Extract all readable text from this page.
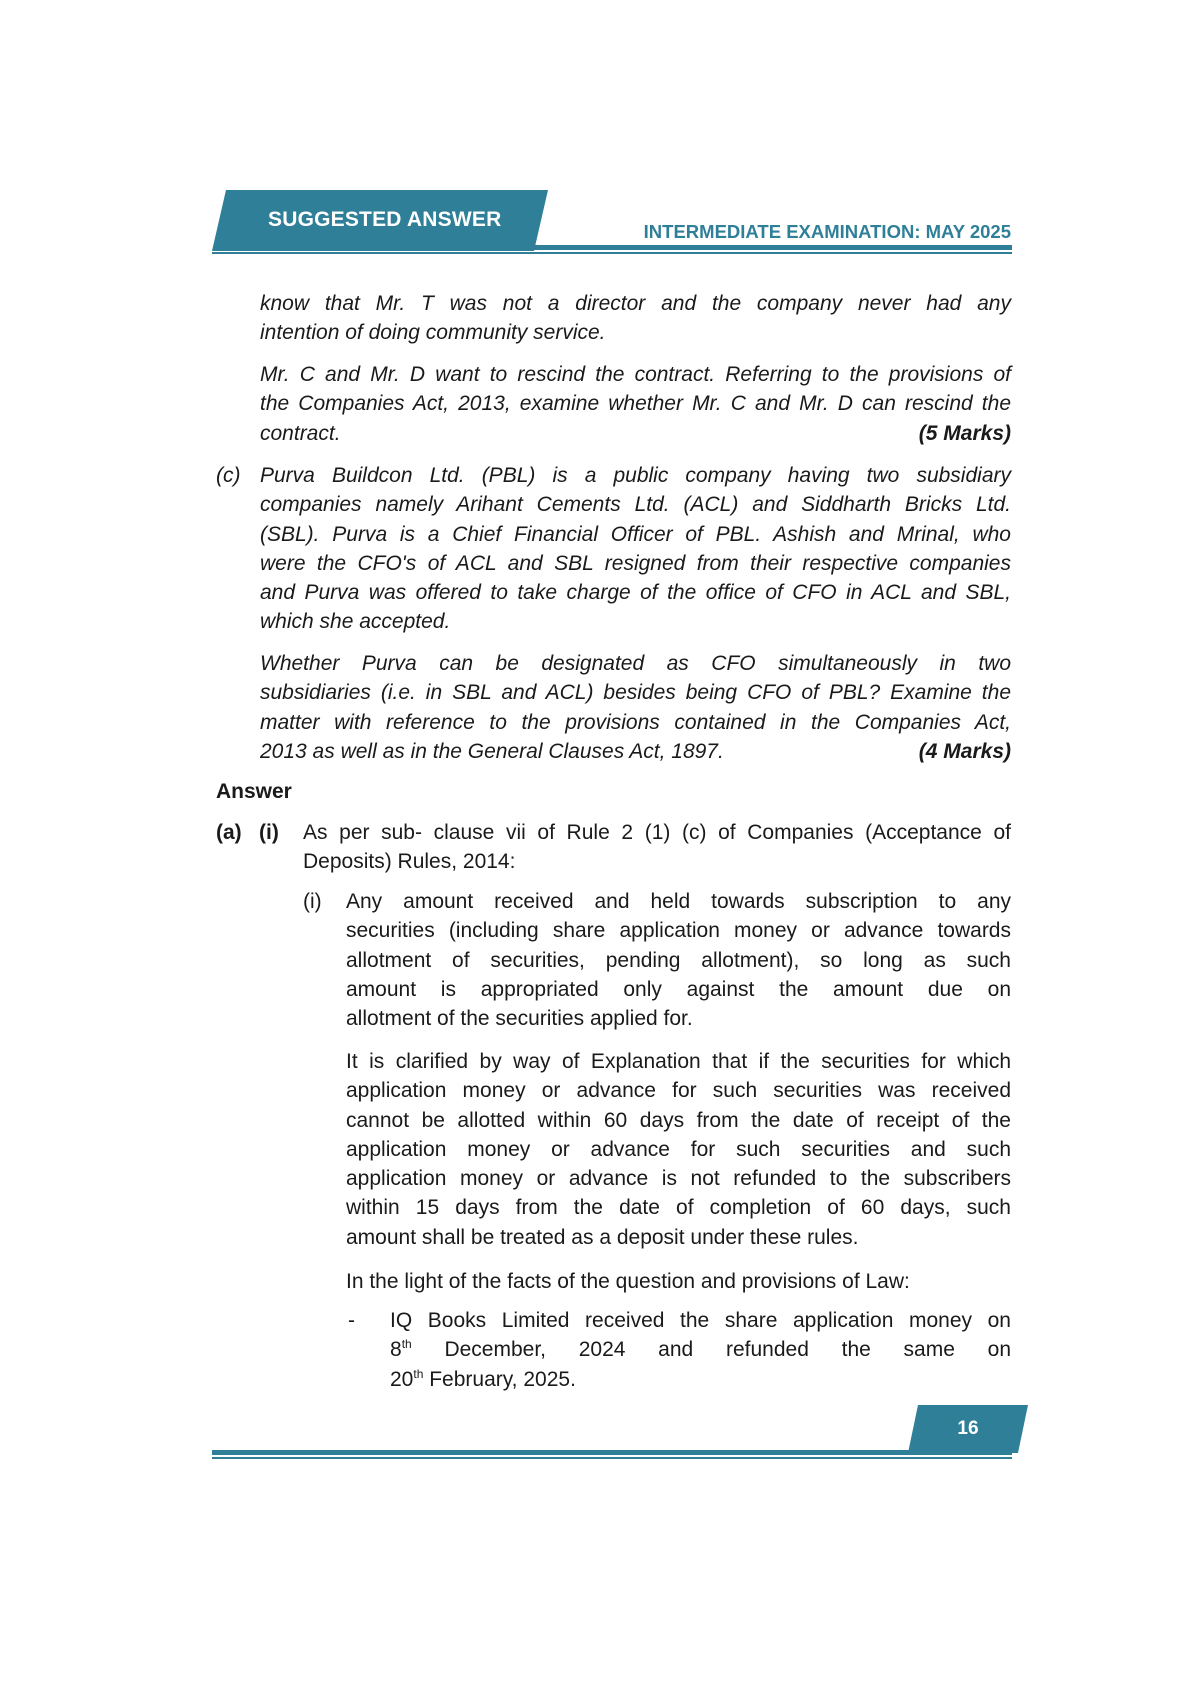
SUGGESTED ANSWER
INTERMEDIATE EXAMINATION: MAY 2025
know that Mr. T was not a director and the company never had any
intention of doing community service.
Mr. C and Mr. D want to rescind the contract. Referring to the provisions of
the Companies Act, 2013, examine whether Mr. C and Mr. D can rescind the
contract.	(5 Marks)
(c) Purva Buildcon Ltd. (PBL) is a public company having two subsidiary
companies namely Arihant Cements Ltd. (ACL) and Siddharth Bricks Ltd.
(SBL). Purva is a Chief Financial Officer of PBL. Ashish and Mrinal, who
were the CFO's of ACL and SBL resigned from their respective companies
and Purva was offered to take charge of the office of CFO in ACL and SBL,
which she accepted.
Whether Purva can be designated as CFO simultaneously in two
subsidiaries (i.e. in SBL and ACL) besides being CFO of PBL? Examine the
matter with reference to the provisions contained in the Companies Act,
2013 as well as in the General Clauses Act, 1897.	(4 Marks)
Answer
(a) (i) As per sub- clause vii of Rule 2 (1) (c) of Companies (Acceptance of
Deposits) Rules, 2014:
(i) Any amount received and held towards subscription to any
securities (including share application money or advance towards
allotment of securities, pending allotment), so long as such
amount is appropriated only against the amount due on
allotment of the securities applied for.
It is clarified by way of Explanation that if the securities for which
application money or advance for such securities was received
cannot be allotted within 60 days from the date of receipt of the
application money or advance for such securities and such
application money or advance is not refunded to the subscribers
within 15 days from the date of completion of 60 days, such
amount shall be treated as a deposit under these rules.
In the light of the facts of the question and provisions of Law:
- IQ Books Limited received the share application money on
8th December, 2024 and refunded the same on
20th February, 2025.
16
